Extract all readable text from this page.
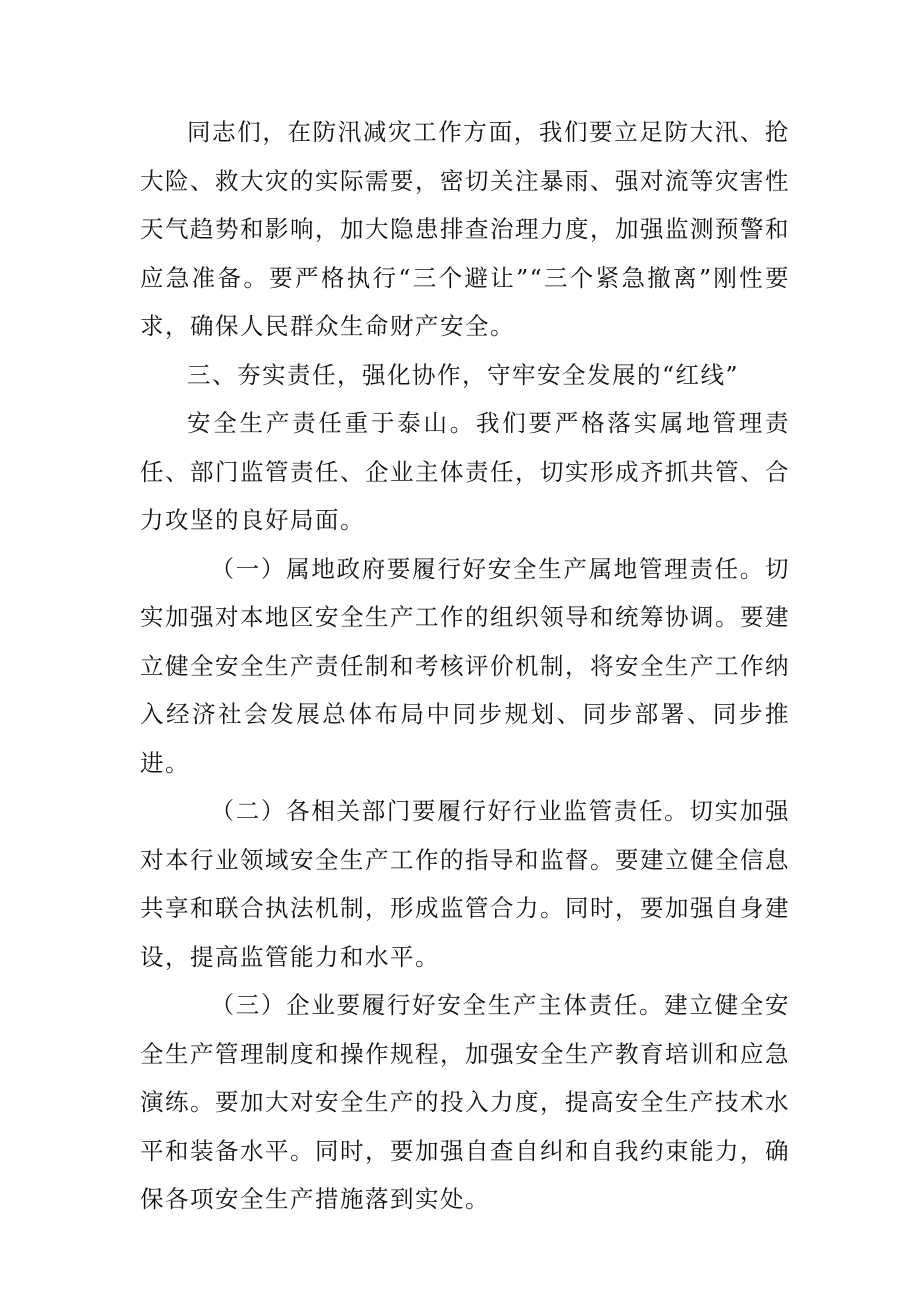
同志们，在防汛减灾工作方面，我们要立足防大汛、抢大险、救大灾的实际需要，密切关注暴雨、强对流等灾害性天气趋势和影响，加大隐患排查治理力度，加强监测预警和应急准备。要严格执行“三个避让”“三个紧急撤离”刚性要求，确保人民群众生命财产安全。

三、夯实责任，强化协作，守牢安全发展的“红线”

安全生产责任重于泰山。我们要严格落实属地管理责任、部门监管责任、企业主体责任，切实形成齐抓共管、合力攻坚的良好局面。

（一）属地政府要履行好安全生产属地管理责任。切实加强对本地区安全生产工作的组织领导和统筹协调。要建立健全安全生产责任制和考核评价机制，将安全生产工作纳入经济社会发展总体布局中同步规划、同步部署、同步推进。

（二）各相关部门要履行好行业监管责任。切实加强对本行业领域安全生产工作的指导和监督。要建立健全信息共享和联合执法机制，形成监管合力。同时，要加强自身建设，提高监管能力和水平。

（三）企业要履行好安全生产主体责任。建立健全安全生产管理制度和操作规程，加强安全生产教育培训和应急演练。要加大对安全生产的投入力度，提高安全生产技术水平和装备水平。同时，要加强自查自纠和自我约束能力，确保各项安全生产措施落到实处。
